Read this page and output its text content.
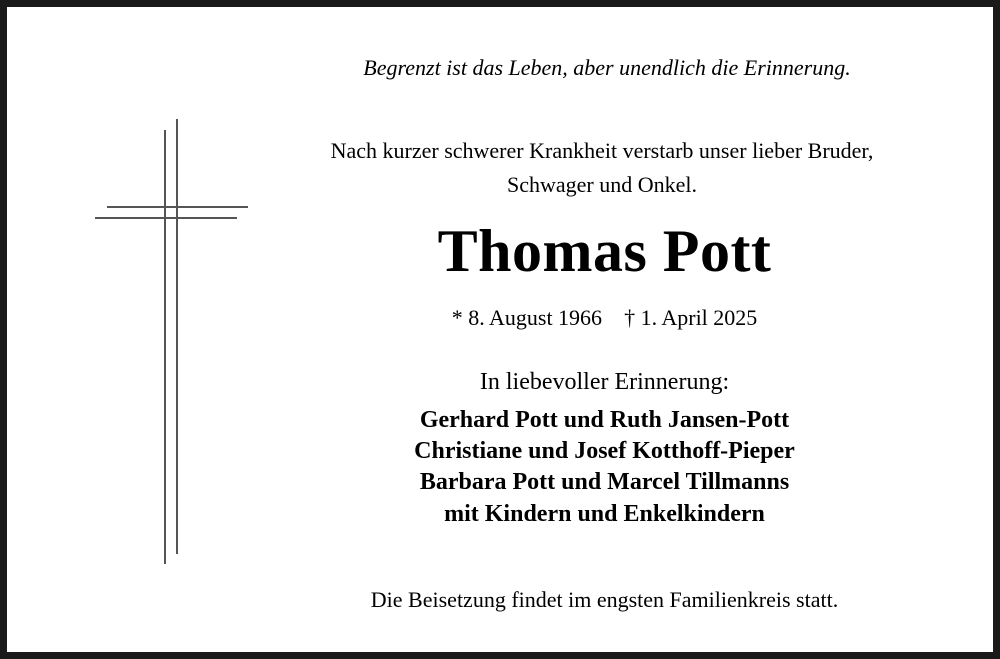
Begrenzt ist das Leben, aber unendlich die Erinnerung.
Nach kurzer schwerer Krankheit verstarb unser lieber Bruder,
Schwager und Onkel.
Thomas Pott
* 8. August 1966 † 1. April 2025
In liebevoller Erinnerung:
Gerhard Pott und Ruth Jansen-Pott
Christiane und Josef Kotthoff-Pieper
Barbara Pott und Marcel Tillmanns
mit Kindern und Enkelkindern
Die Beisetzung findet im engsten Familienkreis statt.
